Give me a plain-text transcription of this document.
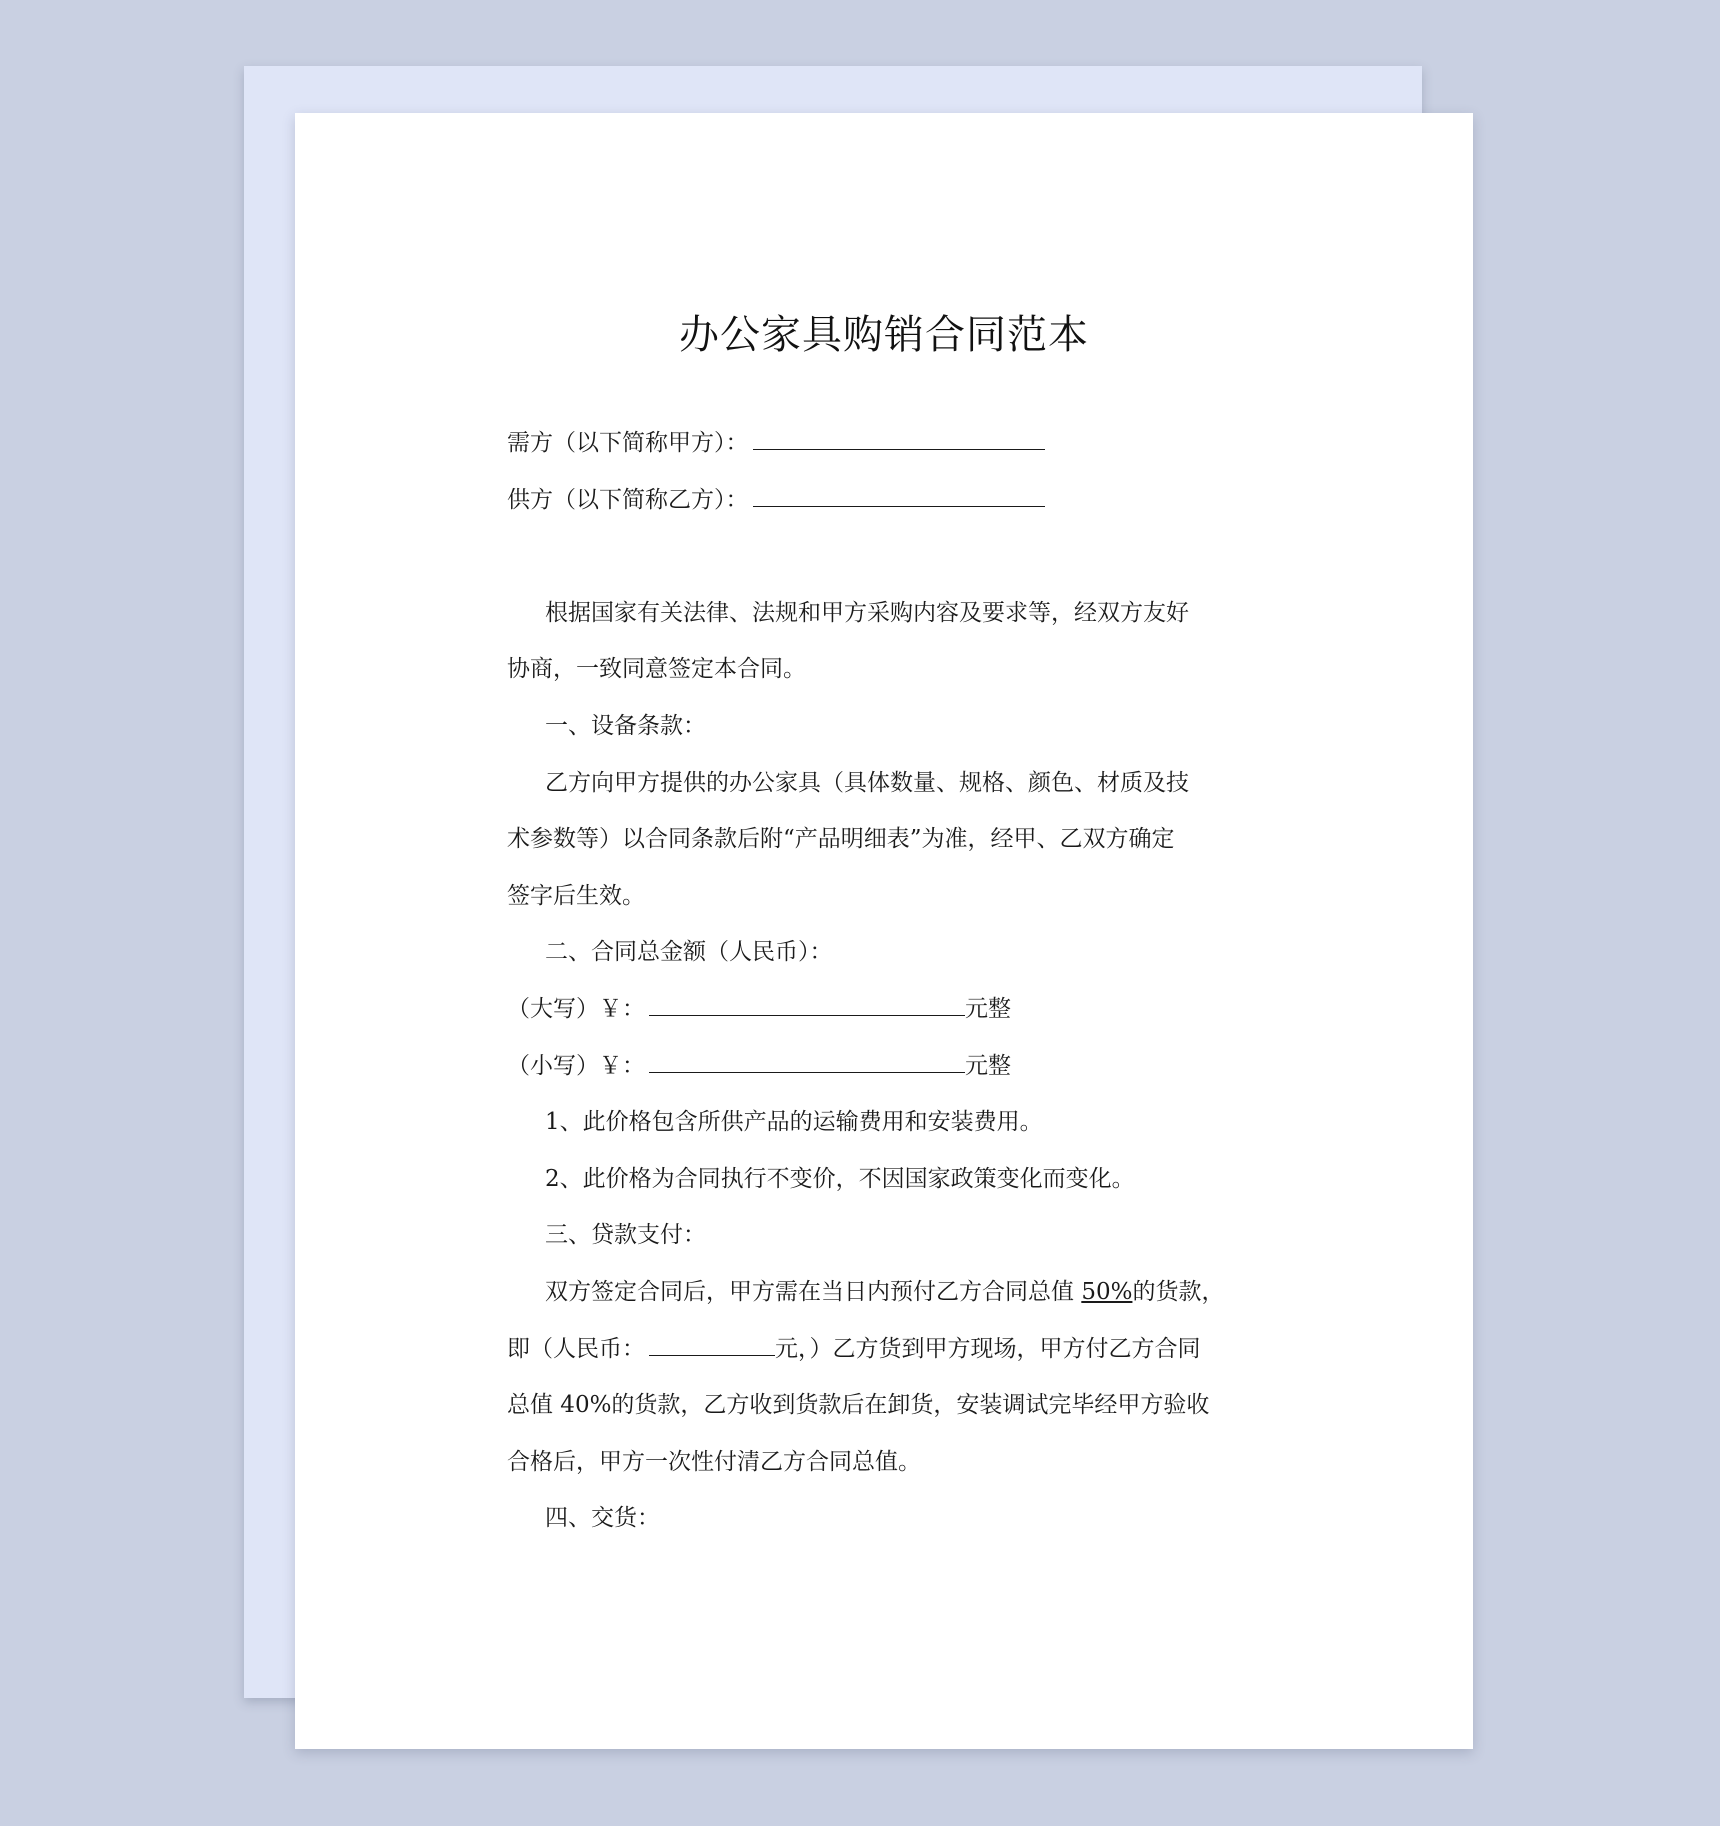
办公家具购销合同范本
需方（以下简称甲方）：
供方（以下简称乙方）：
根据国家有关法律、法规和甲方采购内容及要求等，经双方友好
协商，一致同意签定本合同。
一、设备条款：
乙方向甲方提供的办公家具（具体数量、规格、颜色、材质及技
术参数等）以合同条款后附“产品明细表”为准，经甲、乙双方确定
签字后生效。
二、合同总金额（人民币）：
（大写）￥：	元整
（小写）￥：	元整
1、此价格包含所供产品的运输费用和安装费用。
2、此价格为合同执行不变价，不因国家政策变化而变化。
三、贷款支付：
双方签定合同后，甲方需在当日内预付乙方合同总值 50%的货款，
即（人民币：	元，）乙方货到甲方现场，甲方付乙方合同
总值 40%的货款，乙方收到货款后在卸货，安装调试完毕经甲方验收
合格后，甲方一次性付清乙方合同总值。
四、交货：
